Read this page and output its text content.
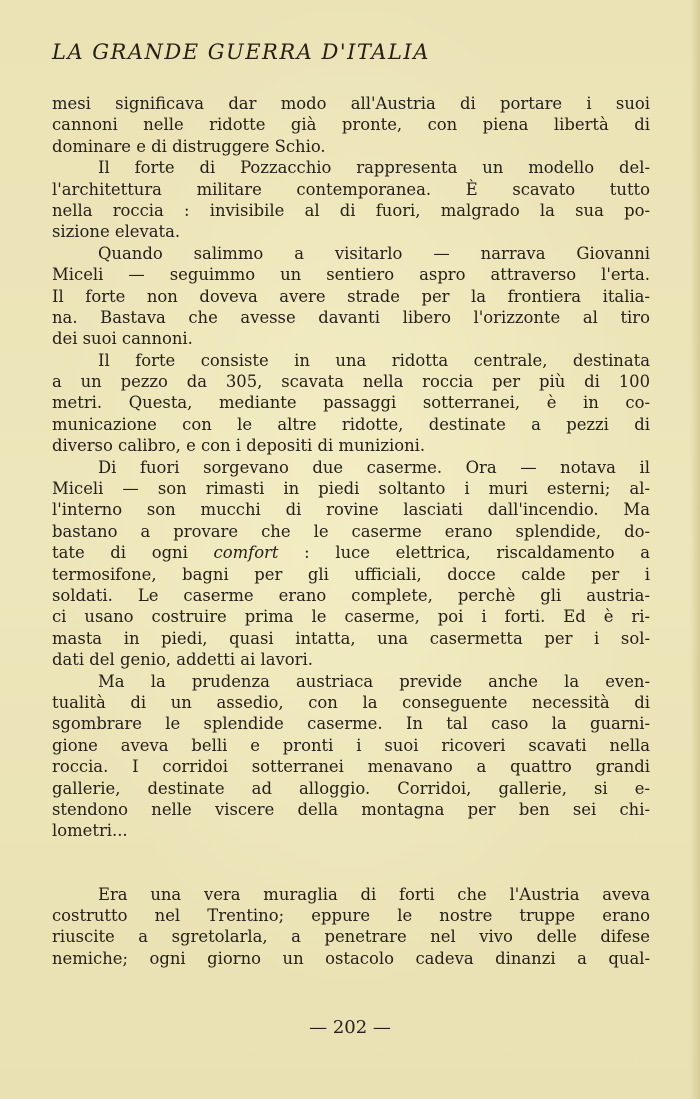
LA GRANDE GUERRA D'ITALIA
mesi significava dar modo all'Austria di portare i suoi
cannoni nelle ridotte già pronte, con piena libertà di
dominare e di distruggere Schio.
Il forte di Pozzacchio rappresenta un modello del-
l'architettura militare contemporanea. È scavato tutto
nella roccia : invisibile al di fuori, malgrado la sua po-
sizione elevata.
Quando salimmo a visitarlo — narrava Giovanni
Miceli — seguimmo un sentiero aspro attraverso l'erta.
Il forte non doveva avere strade per la frontiera italia-
na. Bastava che avesse davanti libero l'orizzonte al tiro
dei suoi cannoni.
Il forte consiste in una ridotta centrale, destinata
a un pezzo da 305, scavata nella roccia per più di 100
metri. Questa, mediante passaggi sotterranei, è in co-
municazione con le altre ridotte, destinate a pezzi di
diverso calibro, e con i depositi di munizioni.
Di fuori sorgevano due caserme. Ora — notava il
Miceli — son rimasti in piedi soltanto i muri esterni; al-
l'interno son mucchi di rovine lasciati dall'incendio. Ma
bastano a provare che le caserme erano splendide, do-
tate di ogni comfort : luce elettrica, riscaldamento a
termosifone, bagni per gli ufficiali, docce calde per i
soldati. Le caserme erano complete, perchè gli austria-
ci usano costruire prima le caserme, poi i forti. Ed è ri-
masta in piedi, quasi intatta, una casermetta per i sol-
dati del genio, addetti ai lavori.
Ma la prudenza austriaca previde anche la even-
tualità di un assedio, con la conseguente necessità di
sgombrare le splendide caserme. In tal caso la guarni-
gione aveva belli e pronti i suoi ricoveri scavati nella
roccia. I corridoi sotterranei menavano a quattro grandi
gallerie, destinate ad alloggio. Corridoi, gallerie, si e-
stendono nelle viscere della montagna per ben sei chi-
lometri...
Era una vera muraglia di forti che l'Austria aveva
costrutto nel Trentino; eppure le nostre truppe erano
riuscite a sgretolarla, a penetrare nel vivo delle difese
nemiche; ogni giorno un ostacolo cadeva dinanzi a qual-
— 202 —
